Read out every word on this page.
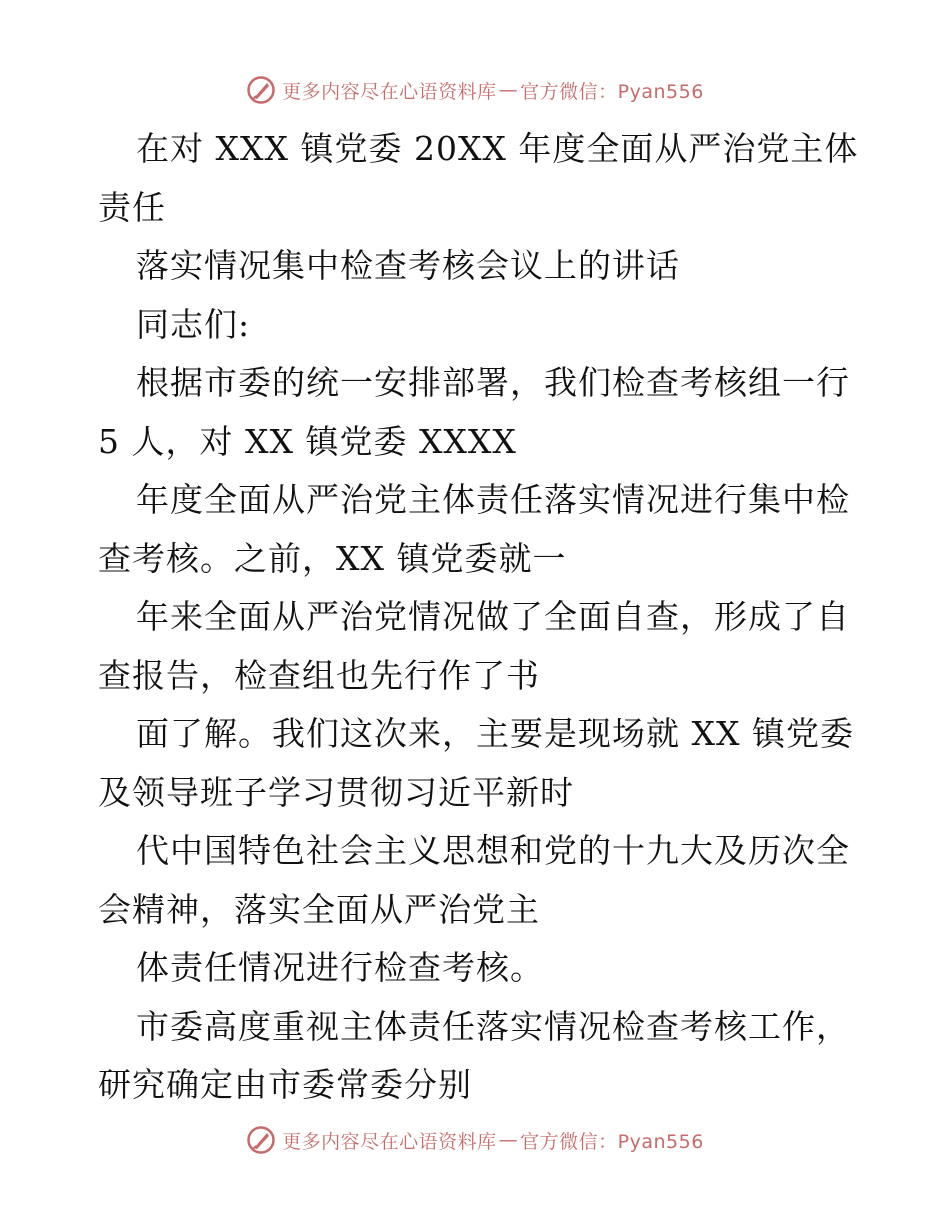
更多内容尽在心语资料库 — 官方微信：Pyan556
在对 XXX 镇党委 20XX 年度全面从严治党主体
责任
落实情况集中检查考核会议上的讲话
同志们:
根据市委的统一安排部署，我们检查考核组一行
5 人，对 XX 镇党委 XXXX
年度全面从严治党主体责任落实情况进行集中检
查考核。之前，XX 镇党委就一
年来全面从严治党情况做了全面自查，形成了自
查报告，检查组也先行作了书
面了解。我们这次来，主要是现场就 XX 镇党委
及领导班子学习贯彻习近平新时
代中国特色社会主义思想和党的十九大及历次全
会精神，落实全面从严治党主
体责任情况进行检查考核。
市委高度重视主体责任落实情况检查考核工作，
研究确定由市委常委分别
更多内容尽在心语资料库 — 官方微信：Pyan556
